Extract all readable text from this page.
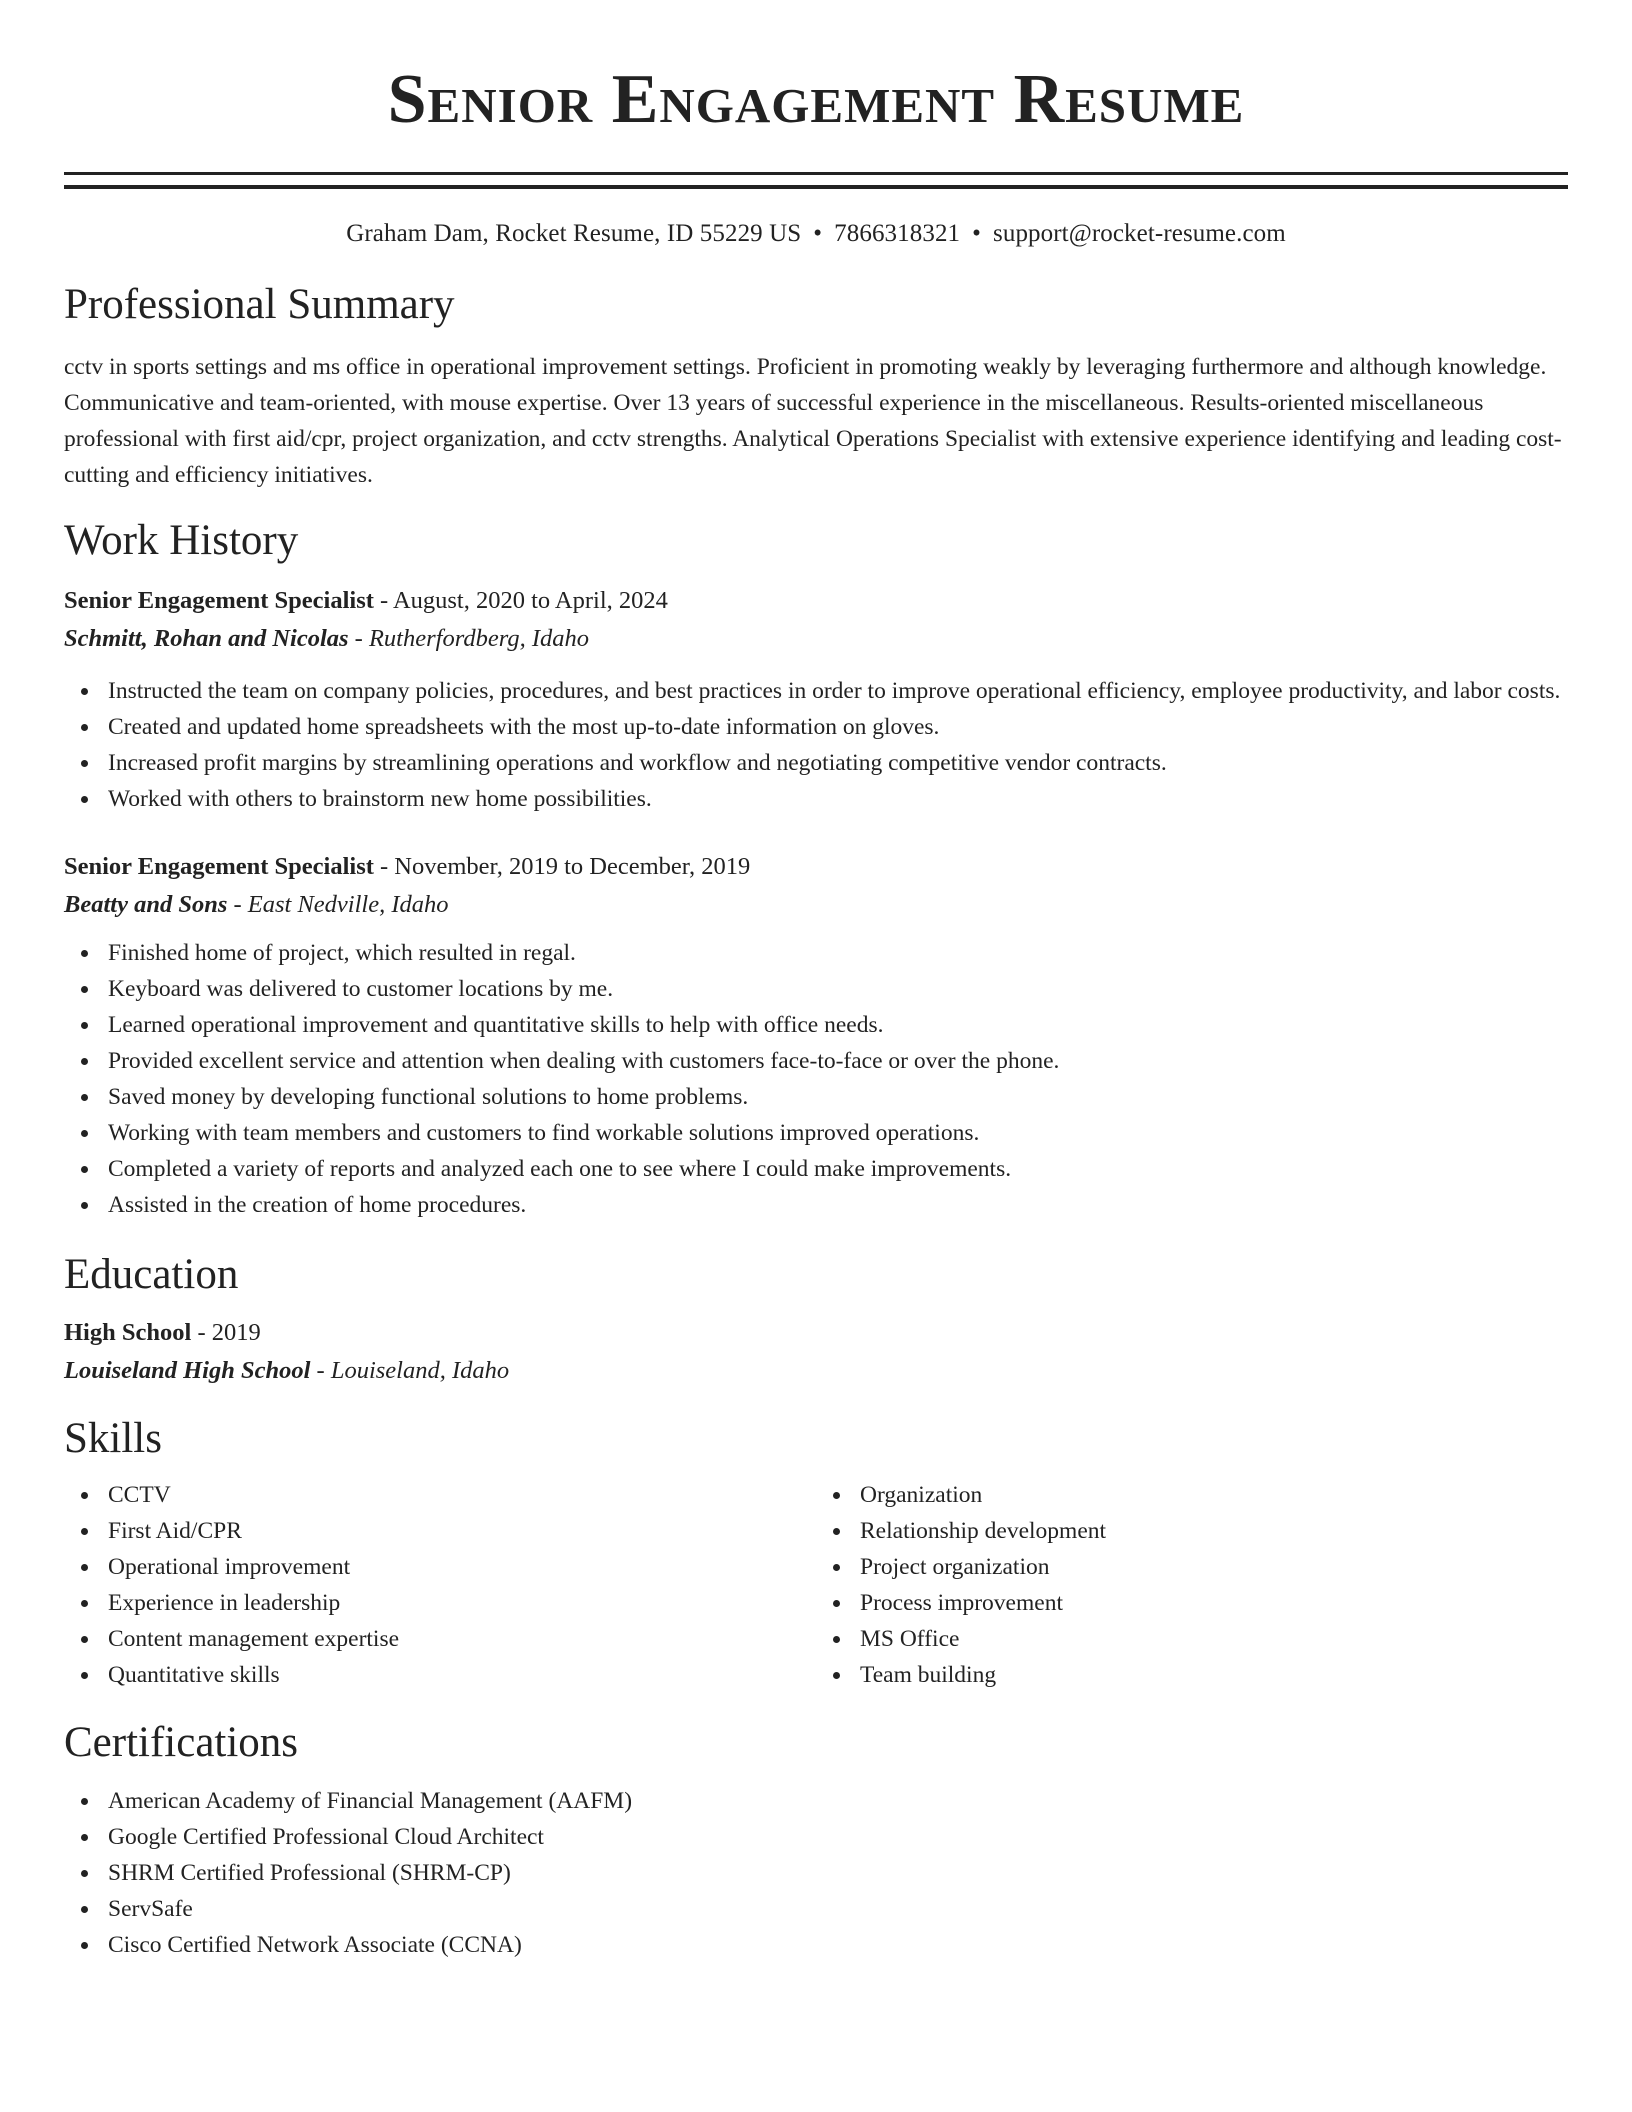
Senior Engagement Resume
Graham Dam, Rocket Resume, ID 55229 US • 7866318321 • support@rocket-resume.com
Professional Summary
cctv in sports settings and ms office in operational improvement settings. Proficient in promoting weakly by leveraging furthermore and although knowledge. Communicative and team-oriented, with mouse expertise. Over 13 years of successful experience in the miscellaneous. Results-oriented miscellaneous professional with first aid/cpr, project organization, and cctv strengths. Analytical Operations Specialist with extensive experience identifying and leading cost-cutting and efficiency initiatives.
Work History
Senior Engagement Specialist - August, 2020 to April, 2024
Schmitt, Rohan and Nicolas - Rutherfordberg, Idaho
Instructed the team on company policies, procedures, and best practices in order to improve operational efficiency, employee productivity, and labor costs.
Created and updated home spreadsheets with the most up-to-date information on gloves.
Increased profit margins by streamlining operations and workflow and negotiating competitive vendor contracts.
Worked with others to brainstorm new home possibilities.
Senior Engagement Specialist - November, 2019 to December, 2019
Beatty and Sons - East Nedville, Idaho
Finished home of project, which resulted in regal.
Keyboard was delivered to customer locations by me.
Learned operational improvement and quantitative skills to help with office needs.
Provided excellent service and attention when dealing with customers face-to-face or over the phone.
Saved money by developing functional solutions to home problems.
Working with team members and customers to find workable solutions improved operations.
Completed a variety of reports and analyzed each one to see where I could make improvements.
Assisted in the creation of home procedures.
Education
High School - 2019
Louiseland High School - Louiseland, Idaho
Skills
CCTV
First Aid/CPR
Operational improvement
Experience in leadership
Content management expertise
Quantitative skills
Organization
Relationship development
Project organization
Process improvement
MS Office
Team building
Certifications
American Academy of Financial Management (AAFM)
Google Certified Professional Cloud Architect
SHRM Certified Professional (SHRM-CP)
ServSafe
Cisco Certified Network Associate (CCNA)
